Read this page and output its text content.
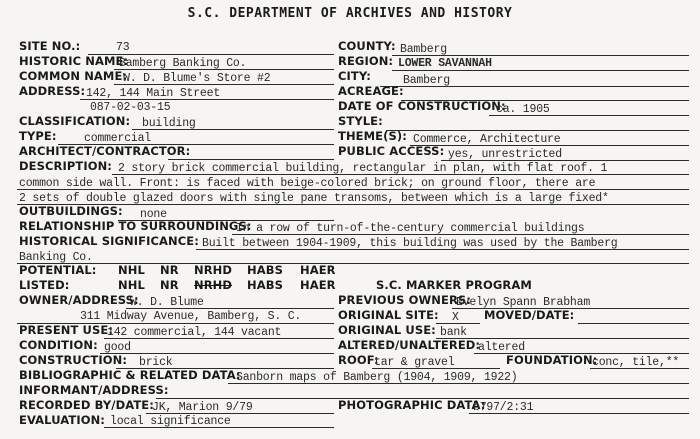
S.C. DEPARTMENT OF ARCHIVES AND HISTORY
SITE NO.:	73	COUNTY: Bamberg
HISTORIC NAME:
Bamberg Banking Co.	REGION: LOWER SAVANNAH
COMMON NAME:
W. D. Blume's Store #2	CITY:	Bamberg
ADDRESS: 142, 144 Main Street	ACREAGE:
087-02-03-15	DATE OF CONSTRUCTION:
ca. 1905
CLASSIFICATION: building	STYLE:
TYPE: commercial	THEME(S): Commerce, Architecture
ARCHITECT/CONTRACTOR:	PUBLIC ACCESS: yes, unrestricted
DESCRIPTION: 2 story brick commercial building, rectangular in plan, with flat roof. 1
common side wall. Front: is faced with beige-colored brick; on ground floor, there are
2 sets of double glazed doors with single pane transoms, between which is a large fixed*
OUTBUILDINGS: none
RELATIONSHIP TO SURROUNDINGS:
In a row of turn-of-the-century commercial buildings
HISTORICAL SIGNIFICANCE: Built between 1904-1909, this building was used by the Bamberg
Banking Co.
POTENTIAL: NHL NR NRHD HABS HAER
LISTED:	NHL NR NRHD HABS HAER	S.C. MARKER PROGRAM
OWNER/ADDRESS:
W. D. Blume	PREVIOUS OWNERS:
Evelyn Spann Brabham
311 Midway Avenue, Bamberg, S. C.	ORIGINAL SITE: X MOVED/DATE:
PRESENT USE:
142 commercial, 144 vacant	ORIGINAL USE: bank
CONDITION: good	ALTERED/UNALTERED:
altered
CONSTRUCTION: brick	ROOF:
tar & gravel	FOUNDATION:
conc, tile,**
BIBLIOGRAPHIC & RELATED DATA:
Sanborn maps of Bamberg (1904, 1909, 1922)
INFORMANT/ADDRESS:
RECORDED BY/DATE:
JK, Marion 9/79	PHOTOGRAPHIC DATA:
b797/2:31
EVALUATION: local significance
